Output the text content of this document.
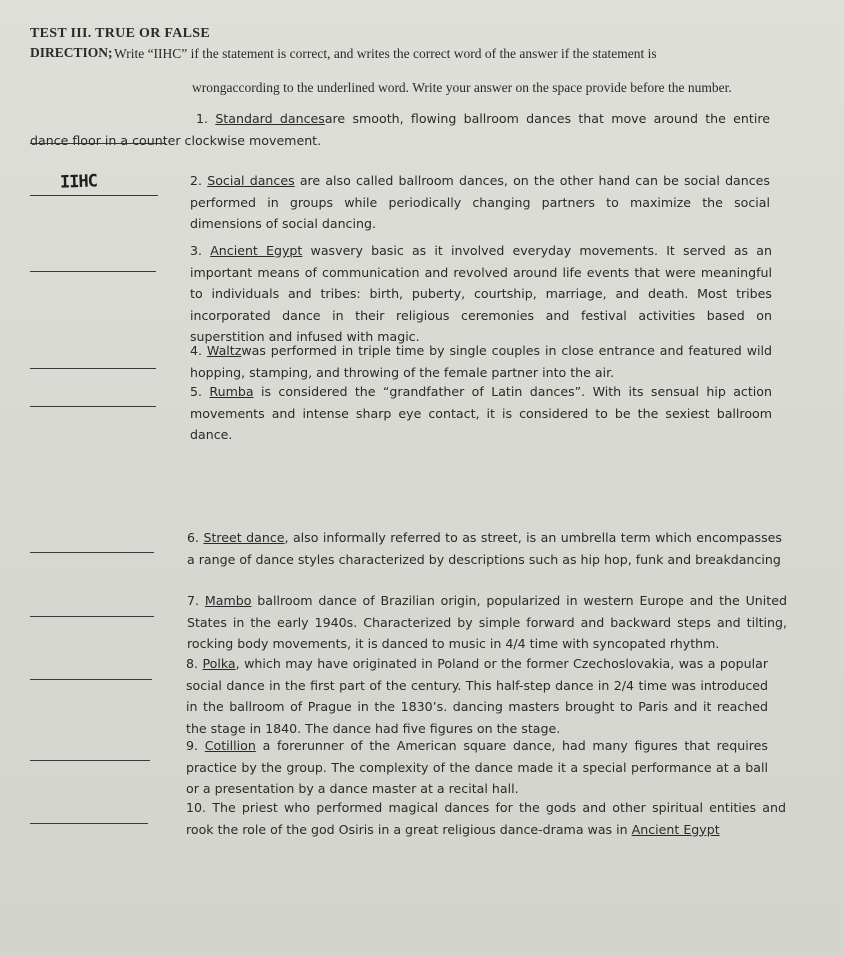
TEST III. TRUE OR FALSE
DIRECTION; Write “IIHC” if the statement is correct, and writes the correct word of the answer if the statement is
wrongaccording to the underlined word. Write your answer on the space provide before the number.
1. Standard dancesare smooth, flowing ballroom dances that move around the entire dance floor in a counter clockwise movement.
IIHC	2. Social dances are also called ballroom dances, on the other hand can be social dances performed in groups while periodically changing partners to maximize the social dimensions of social dancing.
3. Ancient Egypt wasvery basic as it involved everyday movements. It served as an important means of communication and revolved around life events that were meaningful to individuals and tribes: birth, puberty, courtship, marriage, and death. Most tribes incorporated dance in their religious ceremonies and festival activities based on superstition and infused with magic.
4. Waltzwas performed in triple time by single couples in close entrance and featured wild hopping, stamping, and throwing of the female partner into the air.
5. Rumba is considered the “grandfather of Latin dances”. With its sensual hip action movements and intense sharp eye contact, it is considered to be the sexiest ballroom dance.
6. Street dance, also informally referred to as street, is an umbrella term which encompasses a range of dance styles characterized by descriptions such as hip hop, funk and breakdancing
7. Mambo ballroom dance of Brazilian origin, popularized in western Europe and the United States in the early 1940s. Characterized by simple forward and backward steps and tilting, rocking body movements, it is danced to music in 4/4 time with syncopated rhythm.
8. Polka, which may have originated in Poland or the former Czechoslovakia, was a popular social dance in the first part of the century. This half-step dance in 2/4 time was introduced in the ballroom of Prague in the 1830’s. dancing masters brought to Paris and it reached the stage in 1840. The dance had five figures on the stage.
9. Cotillion a forerunner of the American square dance, had many figures that requires practice by the group. The complexity of the dance made it a special performance at a ball or a presentation by a dance master at a recital hall.
10. The priest who performed magical dances for the gods and other spiritual entities and rook the role of the god Osiris in a great religious dance-drama was in Ancient Egypt
